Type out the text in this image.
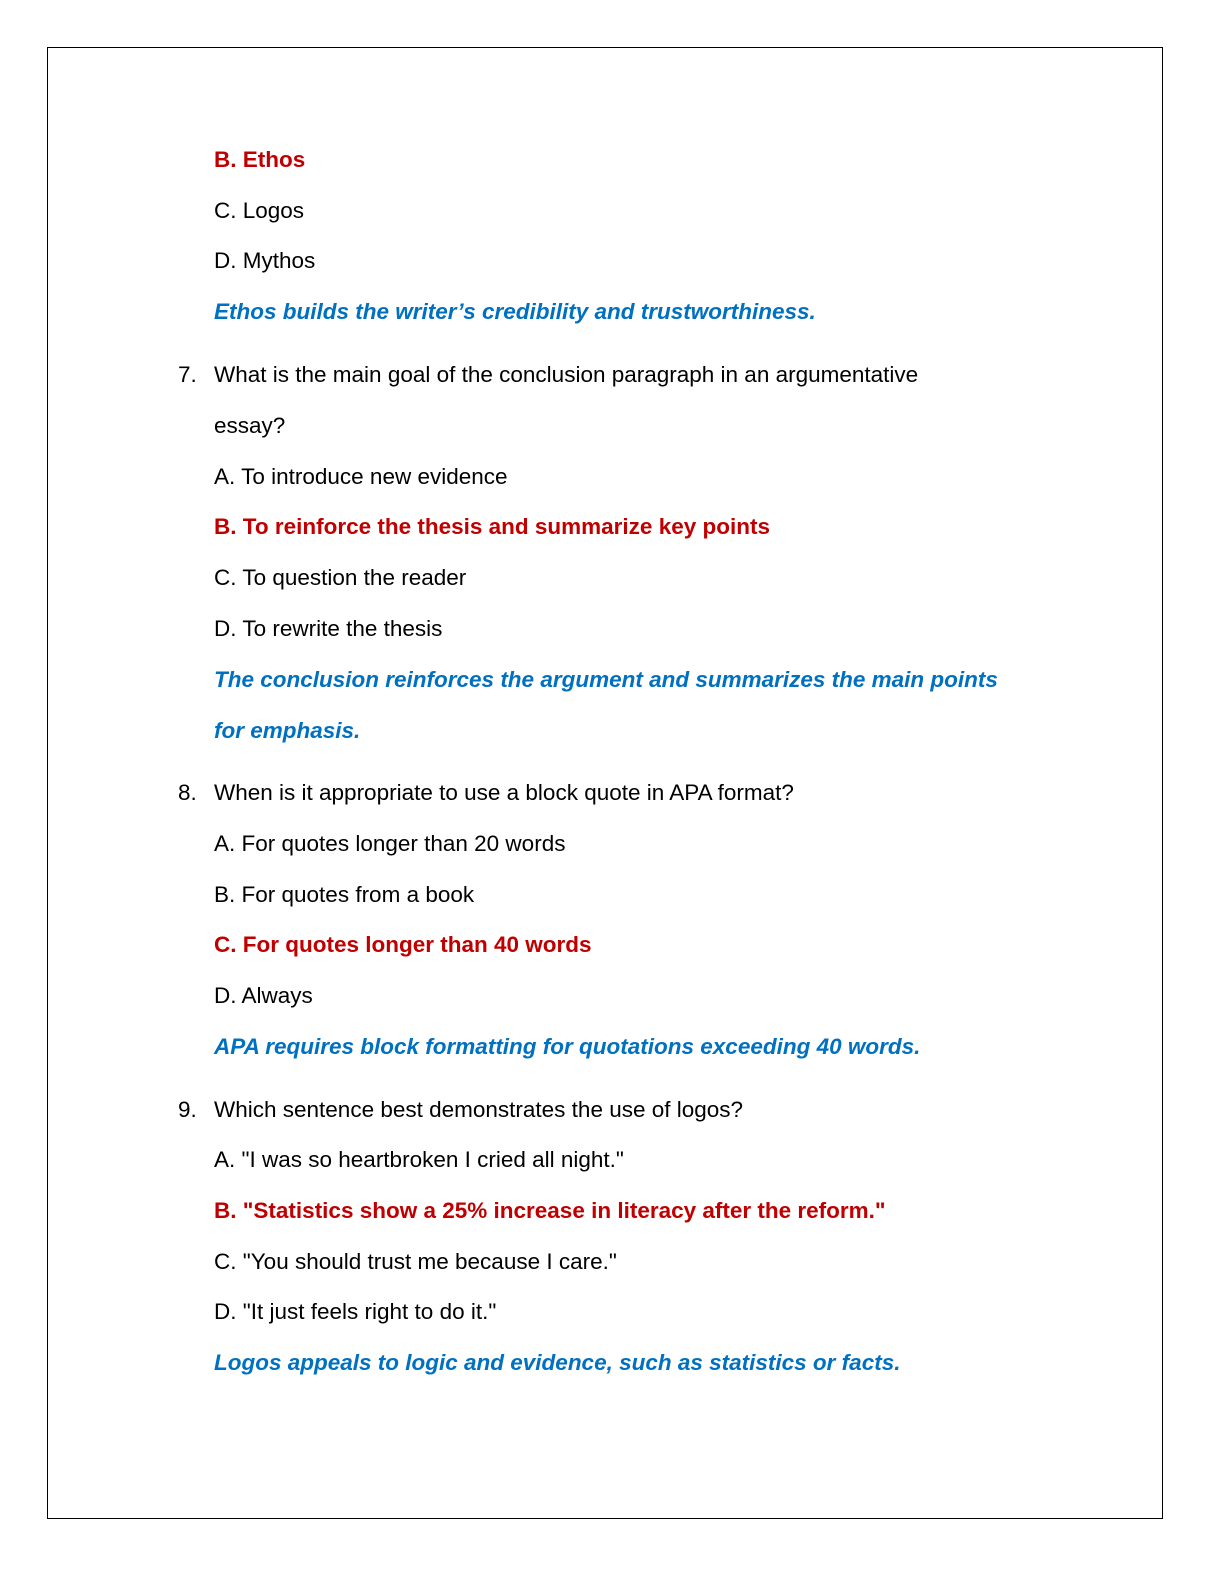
B. Ethos
C. Logos
D. Mythos
Ethos builds the writer’s credibility and trustworthiness.
7. What is the main goal of the conclusion paragraph in an argumentative
essay?
A. To introduce new evidence
B. To reinforce the thesis and summarize key points
C. To question the reader
D. To rewrite the thesis
The conclusion reinforces the argument and summarizes the main points
for emphasis.
8. When is it appropriate to use a block quote in APA format?
A. For quotes longer than 20 words
B. For quotes from a book
C. For quotes longer than 40 words
D. Always
APA requires block formatting for quotations exceeding 40 words.
9. Which sentence best demonstrates the use of logos?
A. "I was so heartbroken I cried all night."
B. "Statistics show a 25% increase in literacy after the reform."
C. "You should trust me because I care."
D. "It just feels right to do it."
Logos appeals to logic and evidence, such as statistics or facts.
